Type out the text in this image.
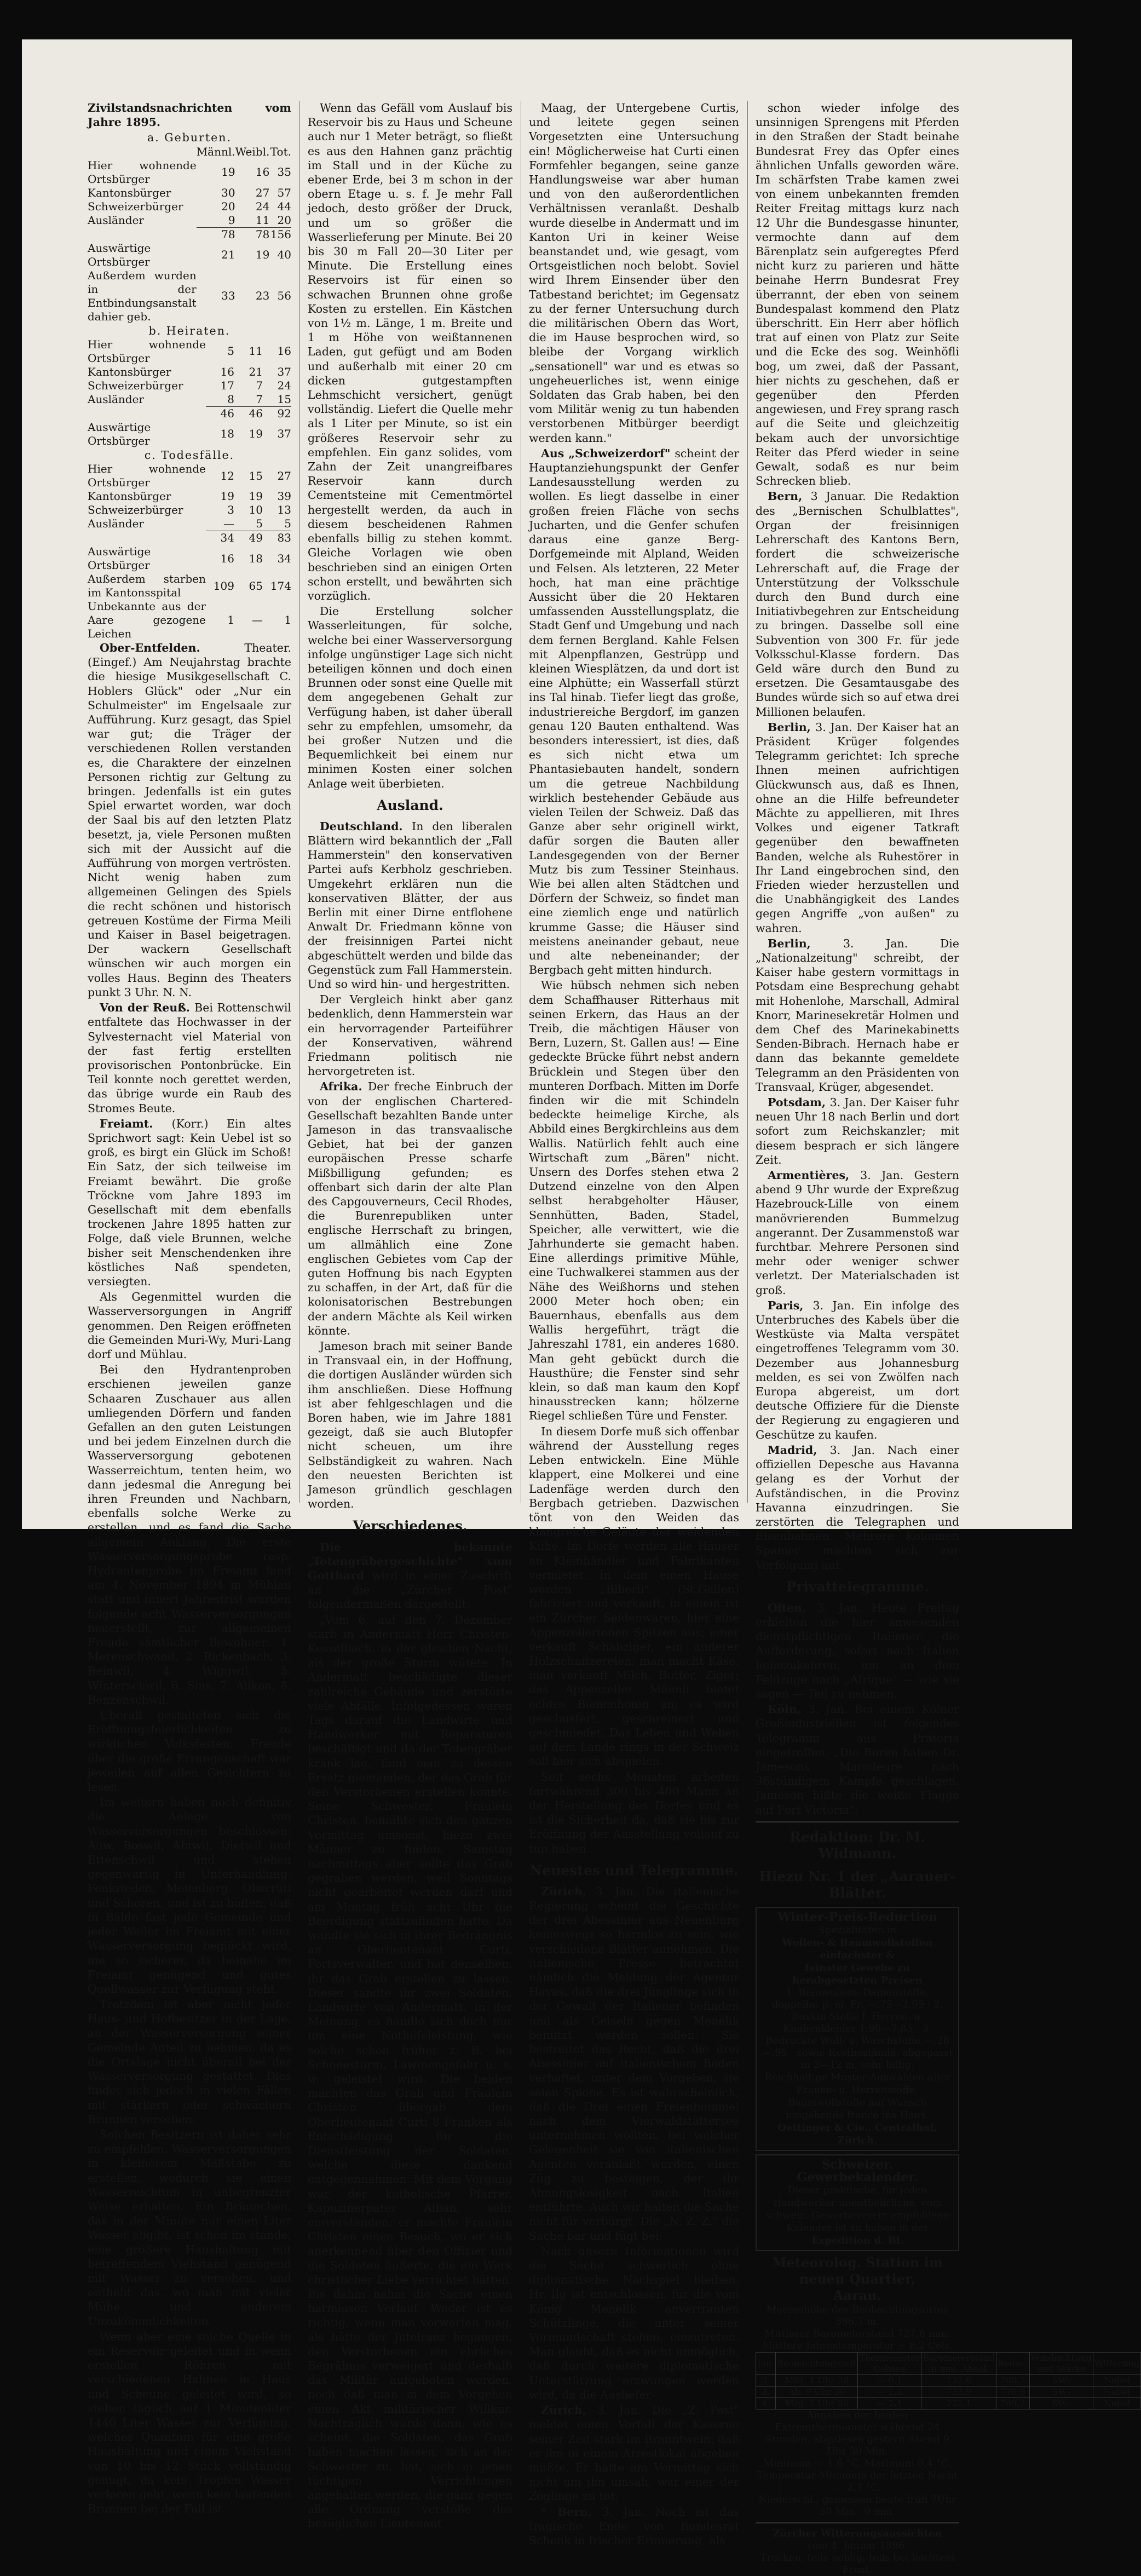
Zivilstandsnachrichten vom Jahre 1895.

a. Geburten.
	Männl.	Weibl.	Tot.
Hier wohnende Ortsbürger	19	16	35
Kantonsbürger	30	27	57
Schweizerbürger	20	24	44
Ausländer	9	11	20
	78	78	156
Auswärtige Ortsbürger	21	19	40
Außerdem wurden in der Entbindungsanstalt dahier geb.	33	23	56
b. Heiraten.
Hier wohnende Ortsbürger	5	11	16
Kantonsbürger	16	21	37
Schweizerbürger	17	7	24
Ausländer	8	7	15
	46	46	92
Auswärtige Ortsbürger	18	19	37
c. Todesfälle.
Hier wohnende Ortsbürger	12	15	27
Kantonsbürger	19	19	39
Schweizerbürger	3	10	13
Ausländer	—	5	5
	34	49	83
Auswärtige Ortsbürger	16	18	34
Außerdem starben im Kantonsspital	109	65	174
Unbekannte aus der Aare gezogene Leichen	1	—	1

Ober-Entfelden. Theater. (Eingef.) Am Neujahrstag brachte die hiesige Musikgesellschaft C. Hoblers Glück" oder „Nur ein Schulmeister" im Engelsaale zur Aufführung. Kurz gesagt, das Spiel war gut; die Träger der verschiedenen Rollen verstanden es, die Charaktere der einzelnen Personen richtig zur Geltung zu bringen. Jedenfalls ist ein gutes Spiel erwartet worden, war doch der Saal bis auf den letzten Platz besetzt, ja, viele Personen mußten sich mit der Aussicht auf die Aufführung von morgen vertrösten. Nicht wenig haben zum allgemeinen Gelingen des Spiels die recht schönen und historisch getreuen Kostüme der Firma Meili und Kaiser in Basel beigetragen. Der wackern Gesellschaft wünschen wir auch morgen ein volles Haus. Beginn des Theaters punkt 3 Uhr. N. N.

Von der Reuß. Bei Rottenschwil entfaltete das Hochwasser in der Sylvesternacht viel Material von der fast fertig erstellten provisorischen Pontonbrücke. Ein Teil konnte noch gerettet werden, das übrige wurde ein Raub des Stromes Beute.

Freiamt. (Korr.) Ein altes Sprichwort sagt: Kein Uebel ist so groß, es birgt ein Glück im Schoß! Ein Satz, der sich teilweise im Freiamt bewährt. Die große Tröckne vom Jahre 1893 im Gesellschaft mit dem ebenfalls trockenen Jahre 1895 hatten zur Folge, daß viele Brunnen, welche bisher seit Menschendenken ihre köstliches Naß spendeten, versiegten.

Als Gegenmittel wurden die Wasserversorgungen in Angriff genommen. Den Reigen eröffneten die Gemeinden Muri-Wy, Muri-Lang dorf und Mühlau.

Bei den Hydrantenproben erschienen jeweilen ganze Schaaren Zuschauer aus allen umliegenden Dörfern und fanden Gefallen an den guten Leistungen und bei jedem Einzelnen durch die Wasserversorgung gebotenen Wasserreichtum, tenten heim, wo dann jedesmal die Anregung bei ihren Freunden und Nachbarn, ebenfalls solche Werke zu erstellen, und es fand die Sache allgemein Anklang. Die erste Wasserversorgungsprobe resp. Hydrantenprobe im Freiamt fand am 4. November 1894 in Mühlau statt und innert Jahresfrist wurden folgende acht Wasserversorgungen neuerstellt, zur allgemeinen Freude sämtlicher Bewohner: 1. Merenschwand, 2. Rickenbach, 3. Beinwil, 4. Wiggwil, 5. Winterschwil, 6. Sins, 7. Alikon, 8. Benzenschwil.

Uberall gestalteten sich die Eröffnungsfeierlichkeiten zu wirklichen Volksfesten, Freude über die große Errungenschaft war jeweilen auf allen Gesichtern zu lesen.

Im weitern haben noch definitiv die Anlage von Wasserversorgungen beschlossen: Auw, Boswil, Abtwil, Dietwil und Ettenschwil und stehen gegenwärtig in Unterhandlung: Fenkrieden, Meienberg, Oberrüti und Schoren, und ist zu hoffen, daß in Bälde fast jede Gemeinde und jeder Weiler im Freiamt mit einer Wasserversorgung beglückt wird, um so sicherer, da beinahe im Freiamt genügend und gutes Quellwasser zur Verfügung steht.

Trotzdem ist aber nicht jeder Haus- und Hofbesitzer in der Lage, an der Wasserversorgung seiner Gemeinde Anteil zu nehmen, da es die Ortslage nicht überall bei der Wasserversorgung gestattet. Dies findet sich jedoch in vielen Fällen mit stärkern oder schwächern Brunnen versehen.

Solchen Besitzern ist daher sehr zu empfehlen, Wasserversorgungen in kleinerem Maßstabe zu erstellen, wodurch sie einen Wasserreichtum in unbegrenzter Weise erhalten. Ein Brünnchen, das in der Minute nur einen Liter Wasser abgibt, ist schon im stande, eine größere Haushaltung mit betreffendem Viehstand genügend mit Wasser zu versehen, und enthebt das, wo man mit vieler Mühe und anderem Unzukömmlichkeiten.

Wenn aber eine solche Quelle in ein Reservoir geleitet und in wenn erstellen Röhren mit verschiedenen Hahnen in Haus und Scheune geleitet wird, so stehen täglich auf 1 Minutenliter 1440 Liter Wasser zur Verfügung, welches Quantum für eine große Haushaltung und einem Viehstand von 10 bis 12 Stück vollständig genügt, da kein Tropfen Wasser verloren geht, wenn kein laufenden Brunnen bei der Fall ist.

Wenn das Gefäll vom Auslauf bis Reservoir bis zu Haus und Scheune auch nur 1 Meter beträgt, so fließt es aus den Hahnen ganz prächtig im Stall und in der Küche zu ebener Erde, bei 3 m schon in der obern Etage u. s. f. Je mehr Fall jedoch, desto größer der Druck, und um so größer die Wasserlieferung per Minute. Bei 20 bis 30 m Fall 20—30 Liter per Minute. Die Erstellung eines Reservoirs ist für einen so schwachen Brunnen ohne große Kosten zu erstellen. Ein Kästchen von 1½ m. Länge, 1 m. Breite und 1 m Höhe von weißtannenen Laden, gut gefügt und am Boden und außerhalb mit einer 20 cm dicken gutgestampften Lehmschicht versichert, genügt vollständig. Liefert die Quelle mehr als 1 Liter per Minute, so ist ein größeres Reservoir sehr zu empfehlen. Ein ganz solides, vom Zahn der Zeit unangreifbares Reservoir kann durch Cementsteine mit Cementmörtel hergestellt werden, da auch in diesem bescheidenen Rahmen ebenfalls billig zu stehen kommt. Gleiche Vorlagen wie oben beschrieben sind an einigen Orten schon erstellt, und bewährten sich vorzüglich.

Die Erstellung solcher Wasserleitungen, für solche, welche bei einer Wasserversorgung infolge ungünstiger Lage sich nicht beteiligen können und doch einen Brunnen oder sonst eine Quelle mit dem angegebenen Gehalt zur Verfügung haben, ist daher überall sehr zu empfehlen, umsomehr, da bei großer Nutzen und die Bequemlichkeit bei einem nur minimen Kosten einer solchen Anlage weit überbieten.

Ausland.

Deutschland. In den liberalen Blättern wird bekanntlich der „Fall Hammerstein" den konservativen Partei aufs Kerbholz geschrieben. Umgekehrt erklären nun die konservativen Blätter, der aus Berlin mit einer Dirne entflohene Anwalt Dr. Friedmann könne von der freisinnigen Partei nicht abgeschüttelt werden und bilde das Gegenstück zum Fall Hammerstein. Und so wird hin- und hergestritten.

Der Vergleich hinkt aber ganz bedenklich, denn Hammerstein war ein hervorragender Parteiführer der Konservativen, während Friedmann politisch nie hervorgetreten ist.

Afrika. Der freche Einbruch der von der englischen Chartered-Gesellschaft bezahlten Bande unter Jameson in das transvaalische Gebiet, hat bei der ganzen europäischen Presse scharfe Mißbilligung gefunden; es offenbart sich darin der alte Plan des Capgouverneurs, Cecil Rhodes, die Burenrepubliken unter englische Herrschaft zu bringen, um allmählich eine Zone englischen Gebietes vom Cap der guten Hoffnung bis nach Egypten zu schaffen, in der Art, daß für die kolonisatorischen Bestrebungen der andern Mächte als Keil wirken könnte.

Jameson brach mit seiner Bande in Transvaal ein, in der Hoffnung, die dortigen Ausländer würden sich ihm anschließen. Diese Hoffnung ist aber fehlgeschlagen und die Boren haben, wie im Jahre 1881 gezeigt, daß sie auch Blutopfer nicht scheuen, um ihre Selbständigkeit zu wahren. Nach den neuesten Berichten ist Jameson gründlich geschlagen worden.

Verschiedenes.

Die bekannte „Totengräbergeschichte" vom Gotthard wird in einer Zuschrift an die „Zürcher Post" folgendermaßen dargestellt:

„Vom 6. auf den 7. Dezember starb in Andermatt Herr Christen-Kesselbach, in der gleichen Nacht, als der große Sturm wütete. In Andermatt beschädigte dieser zahlreiche Gebäude und zerstörte viele Abfälle. Infolgedessen waren Tags darauf die Landwirte und Handwerker mit Reparaturen beschäftigt und da der Totengräber krank lag, fand man zu dessen Ersatz niemanden, der das Grab für den Verstorbenen erstellen konnte. Seine Schwester, Fräulein Christen, bemühte sich den ganzen Vormittag umsonst, hiezu zwei Männer zu finden. Samstag nachmittags aber sollte das Grab gegraben werden, weil Sonntags nicht gearbeitet werden darf und am Montag früh acht Uhr die Beerdigung stattzufinden hatte. Da wandte sie sich in ihrer Bedrängnis an Oberlieutenant Curti, Fortsverwalter, und bat denselben, ihr das Grab erstellen zu lassen. Dieser sandte ihr zwei Soldaten, Landwirte von Andermatt, in der Meinung, es handle sich doch nur um eine Nothilfeleistung, wie solche schon früher z. B. bei Schneesturm, Lawinengefahr u. s. w. geleistet wird. Die beiden machten das Grab und Fräulein Christen übergab dem Oberlieutenant Curti 8 Franken als Entschädigung für die Dienstleistung der Soldaten, welche diese dankend entgegennahmen. Mit dem Vorgang war der katholische Pfarrer, Kapuzinerpater Alban, sehr einverstanden; er machte Fräulein Christen einen Besuch, wo er sich anerkennend über den Offizier und die Soldaten äußerte, die ein Werk christlicher Liebe verrichtet hätten. Bis dahin nahm die Sache einen harmlosen Verlauf. Weder ist es richtig, wenn man vorwerfen mag, als hätte der Jutelranz begangen, den Verstorbenen ein ehrliches Begräbnis verweigert und deshalb das Militär aufgeboten worden, noch daß man in dem Vorgehen einen Akt militärischer Willkür. Nachträglich wurde dann, wie es scheint, die Soldaten, das Grab haben machen lassen, sich an der Schwester zu, hat, sich in jenen tüchtigen Verrichtungen angehalten werden, die ganz gegen alle Ordnung verstöße des bezüglichen Lieutenant

Maag, der Untergebene Curtis, und leitete gegen seinen Vorgesetzten eine Untersuchung ein! Möglicherweise hat Curti einen Formfehler begangen, seine ganze Handlungsweise war aber human und von den außerordentlichen Verhältnissen veranlaßt. Deshalb wurde dieselbe in Andermatt und im Kanton Uri in keiner Weise beanstandet und, wie gesagt, vom Ortsgeistlichen noch belobt. Soviel wird Ihrem Einsender über den Tatbestand berichtet; im Gegensatz zu der ferner Untersuchung durch die militärischen Obern das Wort, die im Hause besprochen wird, so bleibe der Vorgang wirklich „sensationell" war und es etwas so ungeheuerliches ist, wenn einige Soldaten das Grab haben, bei den vom Militär wenig zu tun habenden verstorbenen Mitbürger beerdigt werden kann."

Aus „Schweizerdorf" scheint der Hauptanziehungspunkt der Genfer Landesausstellung werden zu wollen. Es liegt dasselbe in einer großen freien Fläche von sechs Jucharten, und die Genfer schufen daraus eine ganze Berg-Dorfgemeinde mit Alpland, Weiden und Felsen. Als letzteren, 22 Meter hoch, hat man eine prächtige Aussicht über die 20 Hektaren umfassenden Ausstellungsplatz, die Stadt Genf und Umgebung und nach dem fernen Bergland. Kahle Felsen mit Alpenpflanzen, Gestrüpp und kleinen Wiesplätzen, da und dort ist eine Alphütte; ein Wasserfall stürzt ins Tal hinab. Tiefer liegt das große, industriereiche Bergdorf, im ganzen genau 120 Bauten enthaltend. Was besonders interessiert, ist dies, daß es sich nicht etwa um Phantasiebauten handelt, sondern um die getreue Nachbildung wirklich bestehender Gebäude aus vielen Teilen der Schweiz. Daß das Ganze aber sehr originell wirkt, dafür sorgen die Bauten aller Landesgegenden von der Berner Mutz bis zum Tessiner Steinhaus. Wie bei allen alten Städtchen und Dörfern der Schweiz, so findet man eine ziemlich enge und natürlich krumme Gasse; die Häuser sind meistens aneinander gebaut, neue und alte nebeneinander; der Bergbach geht mitten hindurch.

Wie hübsch nehmen sich neben dem Schaffhauser Ritterhaus mit seinen Erkern, das Haus an der Treib, die mächtigen Häuser von Bern, Luzern, St. Gallen aus! — Eine gedeckte Brücke führt nebst andern Brücklein und Stegen über den munteren Dorfbach. Mitten im Dorfe finden wir die mit Schindeln bedeckte heimelige Kirche, als Abbild eines Bergkirchleins aus dem Wallis. Natürlich fehlt auch eine Wirtschaft zum „Bären" nicht. Unsern des Dorfes stehen etwa 2 Dutzend einzelne von den Alpen selbst herabgeholter Häuser, Sennhütten, Baden, Stadel, Speicher, alle verwittert, wie die Jahrhunderte sie gemacht haben. Eine allerdings primitive Mühle, eine Tuchwalkerei stammen aus der Nähe des Weißhorns und stehen 2000 Meter hoch oben; ein Bauernhaus, ebenfalls aus dem Wallis hergeführt, trägt die Jahreszahl 1781, ein anderes 1680. Man geht gebückt durch die Hausthüre; die Fenster sind sehr klein, so daß man kaum den Kopf hinausstrecken kann; hölzerne Riegel schließen Türe und Fenster.

In diesem Dorfe muß sich offenbar während der Ausstellung reges Leben entwickeln. Eine Mühle klappert, eine Molkerei und eine Ladenfäge werden durch den Bergbach getrieben. Dazwischen tönt von den Weiden das klangreiche Geläute der weidenden Kühe. Im Dorfe werden alle Häuser an Kleinhändler und Fabrikanten vermietet. In dem einen Hause werden „Biberli" (St.Gallen) fabriziert und verkauft, in einem ist ein Zürcher Seidenwaren, hier eine Appenzellerinnen Spitzen aus; einer verkauft Schabziger, ein anderer Holzschnitzereien; man macht Käse, man verkauft Milch, Butter, Ziger; das Appenzeller Männli bietet echtes Bienenhonig an; es wird geschustert, geschreinert und geschmiedet. Das Leben und Weben auf dem Lande rings in der Schweiz soll hier sich abspielen.

Seit sechs Monaten arbeiten fortwährend 300 bis 400 Mann an der Herstellung des Dorfes und es ist die Sicherheit da, daß sie bis zur Eröffnung der Ausstellung vollauf zu tun haben.

Neuestes und Telegramme.

Zürich, 3. Jan. Die italienische Regierung scheint die Geschichte der drei Abessinier aus Neuenburg keineswegs so harmlos zu sein, wie verschiedene Blätter annehmen. Die italienische Presse betrachtet nämlich die Meldung der Agentur Havas, daß die drei Jünglinge sich in der Gewalt der Italiener befinden und als Geiseln gegen Menelik benützt werden sollen. Sie bestreitet das Recht, daß die drei Abessinier auf italienischem Boden verhaftet, unter dem Vorgeben, sie seien Spione. Es ist wahrscheinlich, daß die Drei einen Freienbummel nach dem Vierwaldstättersee unternehmen wollten, bei welcher Gelegenheit sie von italienischen Agenten veranlaßt wurden, einen Zug zu besteigen, der ihr Ahnungslosigkeit nach Italien entführte. Auch wir halten die Sache nicht für verbürgt. Die „N. Z. Z." die Sache bar und fügt bei:

Nach unsern Informationen wird die Sache schwerlich ohne diplomatische Nachspiel bleiben. Hr. Ilg ist entschlossen, für die vom König Menelik anvertrauten Schützlinge, die unter seiner Vormundschaft stehen, einzutreten. Man glaubt, daß es nicht unmöglich, daß durch weitere diplomatische Unterstützung erzwungen werden wird, da die Ausliefer-

Zürich, 3. Jan. Die „Z. Post" meldet einen Vorfall der Kaserne seiner Zeit stark im Branntwein, daß er ihn in einem Arrestlokal abgeben mußte. Er hatte am Vormittag sich nicht um ihn umsah, war einer der Zöglinge zu tot.

* Bern, 3. Jan. Noch ist das tragische Ende von Bundesrat Schenk in frischer Erinnerung, als

schon wieder infolge des unsinnigen Sprengens mit Pferden in den Straßen der Stadt beinahe Bundesrat Frey das Opfer eines ähnlichen Unfalls geworden wäre. Im schärfsten Trabe kamen zwei von einem unbekannten fremden Reiter Freitag mittags kurz nach 12 Uhr die Bundesgasse hinunter, vermochte dann auf dem Bärenplatz sein aufgeregtes Pferd nicht kurz zu parieren und hätte beinahe Herrn Bundesrat Frey überrannt, der eben von seinem Bundespalast kommend den Platz überschritt. Ein Herr aber höflich trat auf einen von Platz zur Seite und die Ecke des sog. Weinhöfli bog, um zwei, daß der Passant, hier nichts zu geschehen, daß er gegenüber den Pferden angewiesen, und Frey sprang rasch auf die Seite und gleichzeitig bekam auch der unvorsichtige Reiter das Pferd wieder in seine Gewalt, sodaß es nur beim Schrecken blieb.

Bern, 3 Januar. Die Redaktion des „Bernischen Schulblattes", Organ der freisinnigen Lehrerschaft des Kantons Bern, fordert die schweizerische Lehrerschaft auf, die Frage der Unterstützung der Volksschule durch den Bund durch eine Initiativbegehren zur Entscheidung zu bringen. Dasselbe soll eine Subvention von 300 Fr. für jede Volksschul-Klasse fordern. Das Geld wäre durch den Bund zu ersetzen. Die Gesamtausgabe des Bundes würde sich so auf etwa drei Millionen belaufen.

Berlin, 3. Jan. Der Kaiser hat an Präsident Krüger folgendes Telegramm gerichtet: Ich spreche Ihnen meinen aufrichtigen Glückwunsch aus, daß es Ihnen, ohne an die Hilfe befreundeter Mächte zu appellieren, mit Ihres Volkes und eigener Tatkraft gegenüber den bewaffneten Banden, welche als Ruhestörer in Ihr Land eingebrochen sind, den Frieden wieder herzustellen und die Unabhängigkeit des Landes gegen Angriffe „von außen" zu wahren.

Berlin, 3. Jan. Die „Nationalzeitung" schreibt, der Kaiser habe gestern vormittags in Potsdam eine Besprechung gehabt mit Hohenlohe, Marschall, Admiral Knorr, Marinesekretär Holmen und dem Chef des Marinekabinetts Senden-Bibrach. Hernach habe er dann das bekannte gemeldete Telegramm an den Präsidenten von Transvaal, Krüger, abgesendet.

Potsdam, 3. Jan. Der Kaiser fuhr neuen Uhr 18 nach Berlin und dort sofort zum Reichskanzler; mit diesem besprach er sich längere Zeit.

Armentières, 3. Jan. Gestern abend 9 Uhr wurde der Expreßzug Hazebrouck-Lille von einem manövrierenden Bummelzug angerannt. Der Zusammenstoß war furchtbar. Mehrere Personen sind mehr oder weniger schwer verletzt. Der Materialschaden ist groß.

Paris, 3. Jan. Ein infolge des Unterbruches des Kabels über die Westküste via Malta verspätet eingetroffenes Telegramm vom 30. Dezember aus Johannesburg melden, es sei von Zwölfen nach Europa abgereist, um dort deutsche Offiziere für die Dienste der Regierung zu engagieren und Geschütze zu kaufen.

Madrid, 3. Jan. Nach einer offiziellen Depesche aus Havanna gelang es der Vorhut der Aufständischen, in die Provinz Havanna einzudringen. Sie zerstörten die Telegraphen und Eisenbahnen. Mehrere Kolonnen Spanier machten sich zur Verfolgung auf.

Privattelegramme.

Olten, 3. Jan. Heute Freitag erhielten die hier anwesenden dienstpflichtigen Italiener die Aufforderung, sofort nach Italien heimzukehren, um an dem Feldzuge nach „Afrique" — wie sie sagen — Teil zu nehmen.

Köln, 3. Jan. Bei einem Kölner Großindustriellen ist folgendes Telegramm aus Prätoria eingetroffen: „Die Buren haben Dr. Jamesons Marodeure nach 36stündigem Kampfe geschlagen. Jameson hißte die weiße Flagge auf Fort Victoria".

Redaktion: Dr. M. Widmann.
Hiezu Nr. 1 der „Aarauer-Blätter.
Winter-Preis-Reduction
Spezialitäten in
Wollen- & Baumwollstoffen einfachster &
feinster Gewebe zu herabgesetzten Preisen
1. Reinwollene Damenstoffe, doppelbr. p. m. Fr. —.75—2.95 · 2. Buxkin-Stoffe f. Herren- u. Knabenkleider 1.90—7.85 · 3. Bedruckte Woll- u. Waschstoffe —.28—.95 · sowie Restbestände, abgepasst in 2—12 m, sehr billig.
Reichhaltige Muster-Auswahlen aller Frauen- u. Herrenstoffe, Baumwollstoffe auf Wunsch umgehends franco ins Haus.
Oettinger & Cie., Centralhof, Zürich.
Schweizer. Gewerbekalender.
Dieser praktische, für jeden Handwerker unentbehrliche, vom schweiz. Gewerbeverein empfohlene Kalender ist zu haben in der
Expedition d. Bl.
Meteorolog. Station im neuen Quartier,
Aarau.
Meereshöhe des Beobachtungsortes 396,7 m.
Mittlerer Barometerstand 727,8 mm.
Mittlere Jahrestemperatur + 8,2 Cels.
Jan.	Beobachtungszeit	Thermometer Celsius	Barometerstand in mm. Absol.	Reduc.	Windrichtung und Stärke	Witterung
3.	Mitt. 1 Uhr 30	— 0,1	732,6	769,7	SW₀	Nebel
3.	Ab. 9 Uhr 30	— 1,2	733,9	770,9	SW₀	Nebel
4.	Mrg. 7 Uhr 30	— 2,1	732,1	769,2	SW₀	Nebel
Angaben der beiden Extremthermometer während 24 Stunden, abgelesen gestern Abend 9 Uhr 30 Min.
Minimum — 1,6 °C. Maximum 0,4 °C.
Temperatur-Minimum der letzten Nacht — 2,7 °C.
Niederschl., gemessen heute früh 7Uhr 30 Min.: 0 mm.
Zürcher Witterungsaussichten
vom 4. Januar 1896.
Trocken, teils neblig, teils bei leichtem Frost.
